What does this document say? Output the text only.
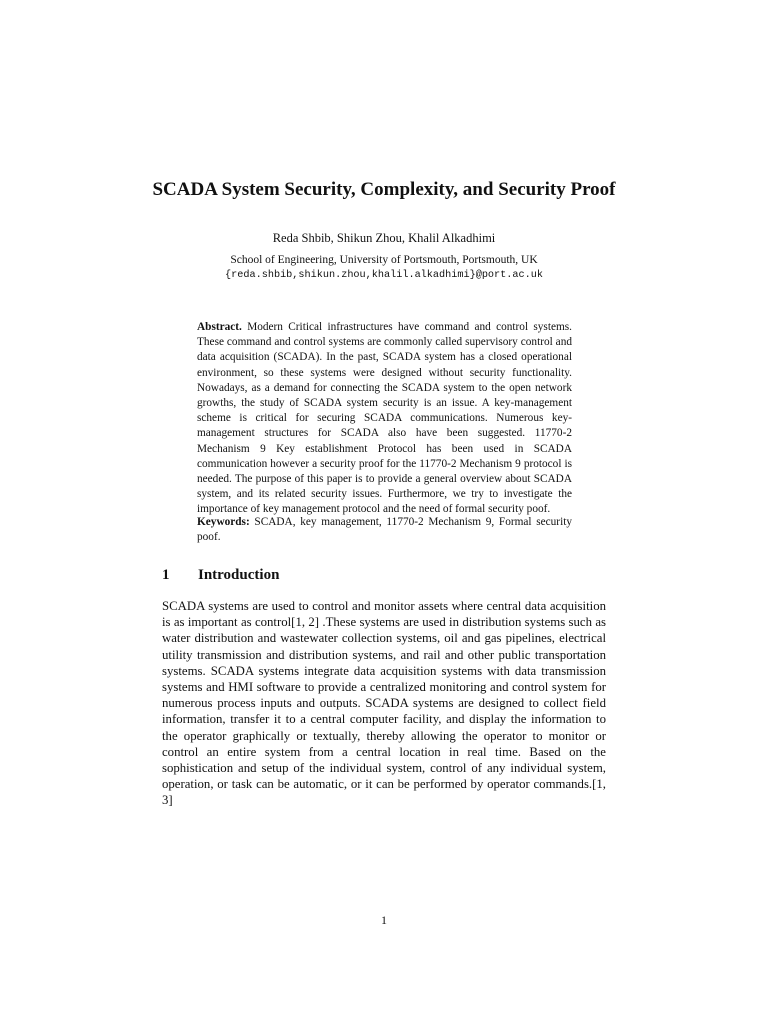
SCADA System Security, Complexity, and Security Proof
Reda Shbib, Shikun Zhou, Khalil Alkadhimi
School of Engineering, University of Portsmouth, Portsmouth, UK
{reda.shbib,shikun.zhou,khalil.alkadhimi}@port.ac.uk
Abstract. Modern Critical infrastructures have command and control systems. These command and control systems are commonly called supervisory control and data acquisition (SCADA). In the past, SCADA system has a closed operational environment, so these systems were designed without security functionality. Nowadays, as a demand for connecting the SCADA system to the open network growths, the study of SCADA system security is an issue. A key-management scheme is critical for securing SCADA communications. Numerous key-management structures for SCADA also have been suggested. 11770-2 Mechanism 9 Key establishment Protocol has been used in SCADA communication however a security proof for the 11770-2 Mechanism 9 protocol is needed. The purpose of this paper is to provide a general overview about SCADA system, and its related security issues. Furthermore, we try to investigate the importance of key management protocol and the need of formal security poof.
Keywords: SCADA, key management, 11770-2 Mechanism 9, Formal security poof.
1 Introduction
SCADA systems are used to control and monitor assets where central data acquisition is as important as control[1, 2] .These systems are used in distribution systems such as water distribution and wastewater collection systems, oil and gas pipelines, electrical utility transmission and distribution systems, and rail and other public transportation systems. SCADA systems integrate data acquisition systems with data transmission systems and HMI software to provide a centralized monitoring and control system for numerous process inputs and outputs. SCADA systems are designed to collect field information, transfer it to a central computer facility, and display the information to the operator graphically or textually, thereby allowing the operator to monitor or control an entire system from a central location in real time. Based on the sophistication and setup of the individual system, control of any individual system, operation, or task can be automatic, or it can be performed by operator commands.[1, 3]
1
